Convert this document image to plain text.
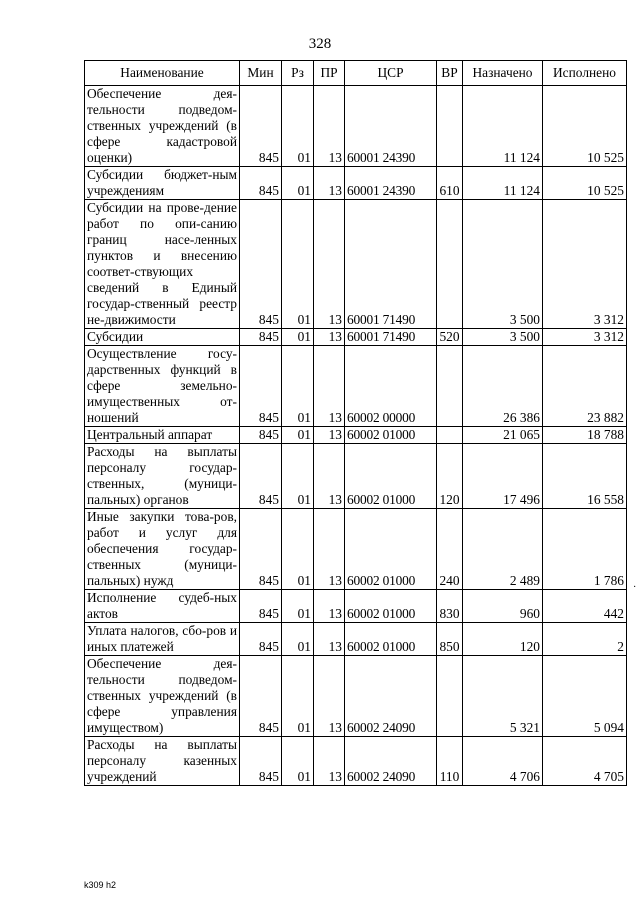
328
Наименование	Мин	Рз	ПР	ЦСР	ВР	Назначено	Исполнено
Обеспечение дея-тельности подведом-ственных учреждений (в сфере кадастровой оценки)	845	01	13	60001 24390		11 124	10 525
Субсидии бюджет-ным учреждениям	845	01	13	60001 24390	610	11 124	10 525
Субсидии на прове-дение работ по опи-санию границ насе-ленных пунктов и внесению соответ-ствующих сведений в Единый государ-ственный реестр не-движимости	845	01	13	60001 71490		3 500	3 312
Субсидии	845	01	13	60001 71490	520	3 500	3 312
Осуществление госу-дарственных функций в сфере земельно-имущественных от-ношений	845	01	13	60002 00000		26 386	23 882
Центральный аппарат	845	01	13	60002 01000		21 065	18 788
Расходы на выплаты персоналу государ-ственных, (муници-пальных) органов	845	01	13	60002 01000	120	17 496	16 558
Иные закупки това-ров, работ и услуг для обеспечения государ-ственных (муници-пальных) нужд	845	01	13	60002 01000	240	2 489	1 786
Исполнение судеб-ных актов	845	01	13	60002 01000	830	960	442
Уплата налогов, сбо-ров и иных платежей	845	01	13	60002 01000	850	120	2
Обеспечение дея-тельности подведом-ственных учреждений (в сфере управления имуществом)	845	01	13	60002 24090		5 321	5 094
Расходы на выплаты персоналу казенных учреждений	845	01	13	60002 24090	110	4 706	4 705
·
k309 h2
